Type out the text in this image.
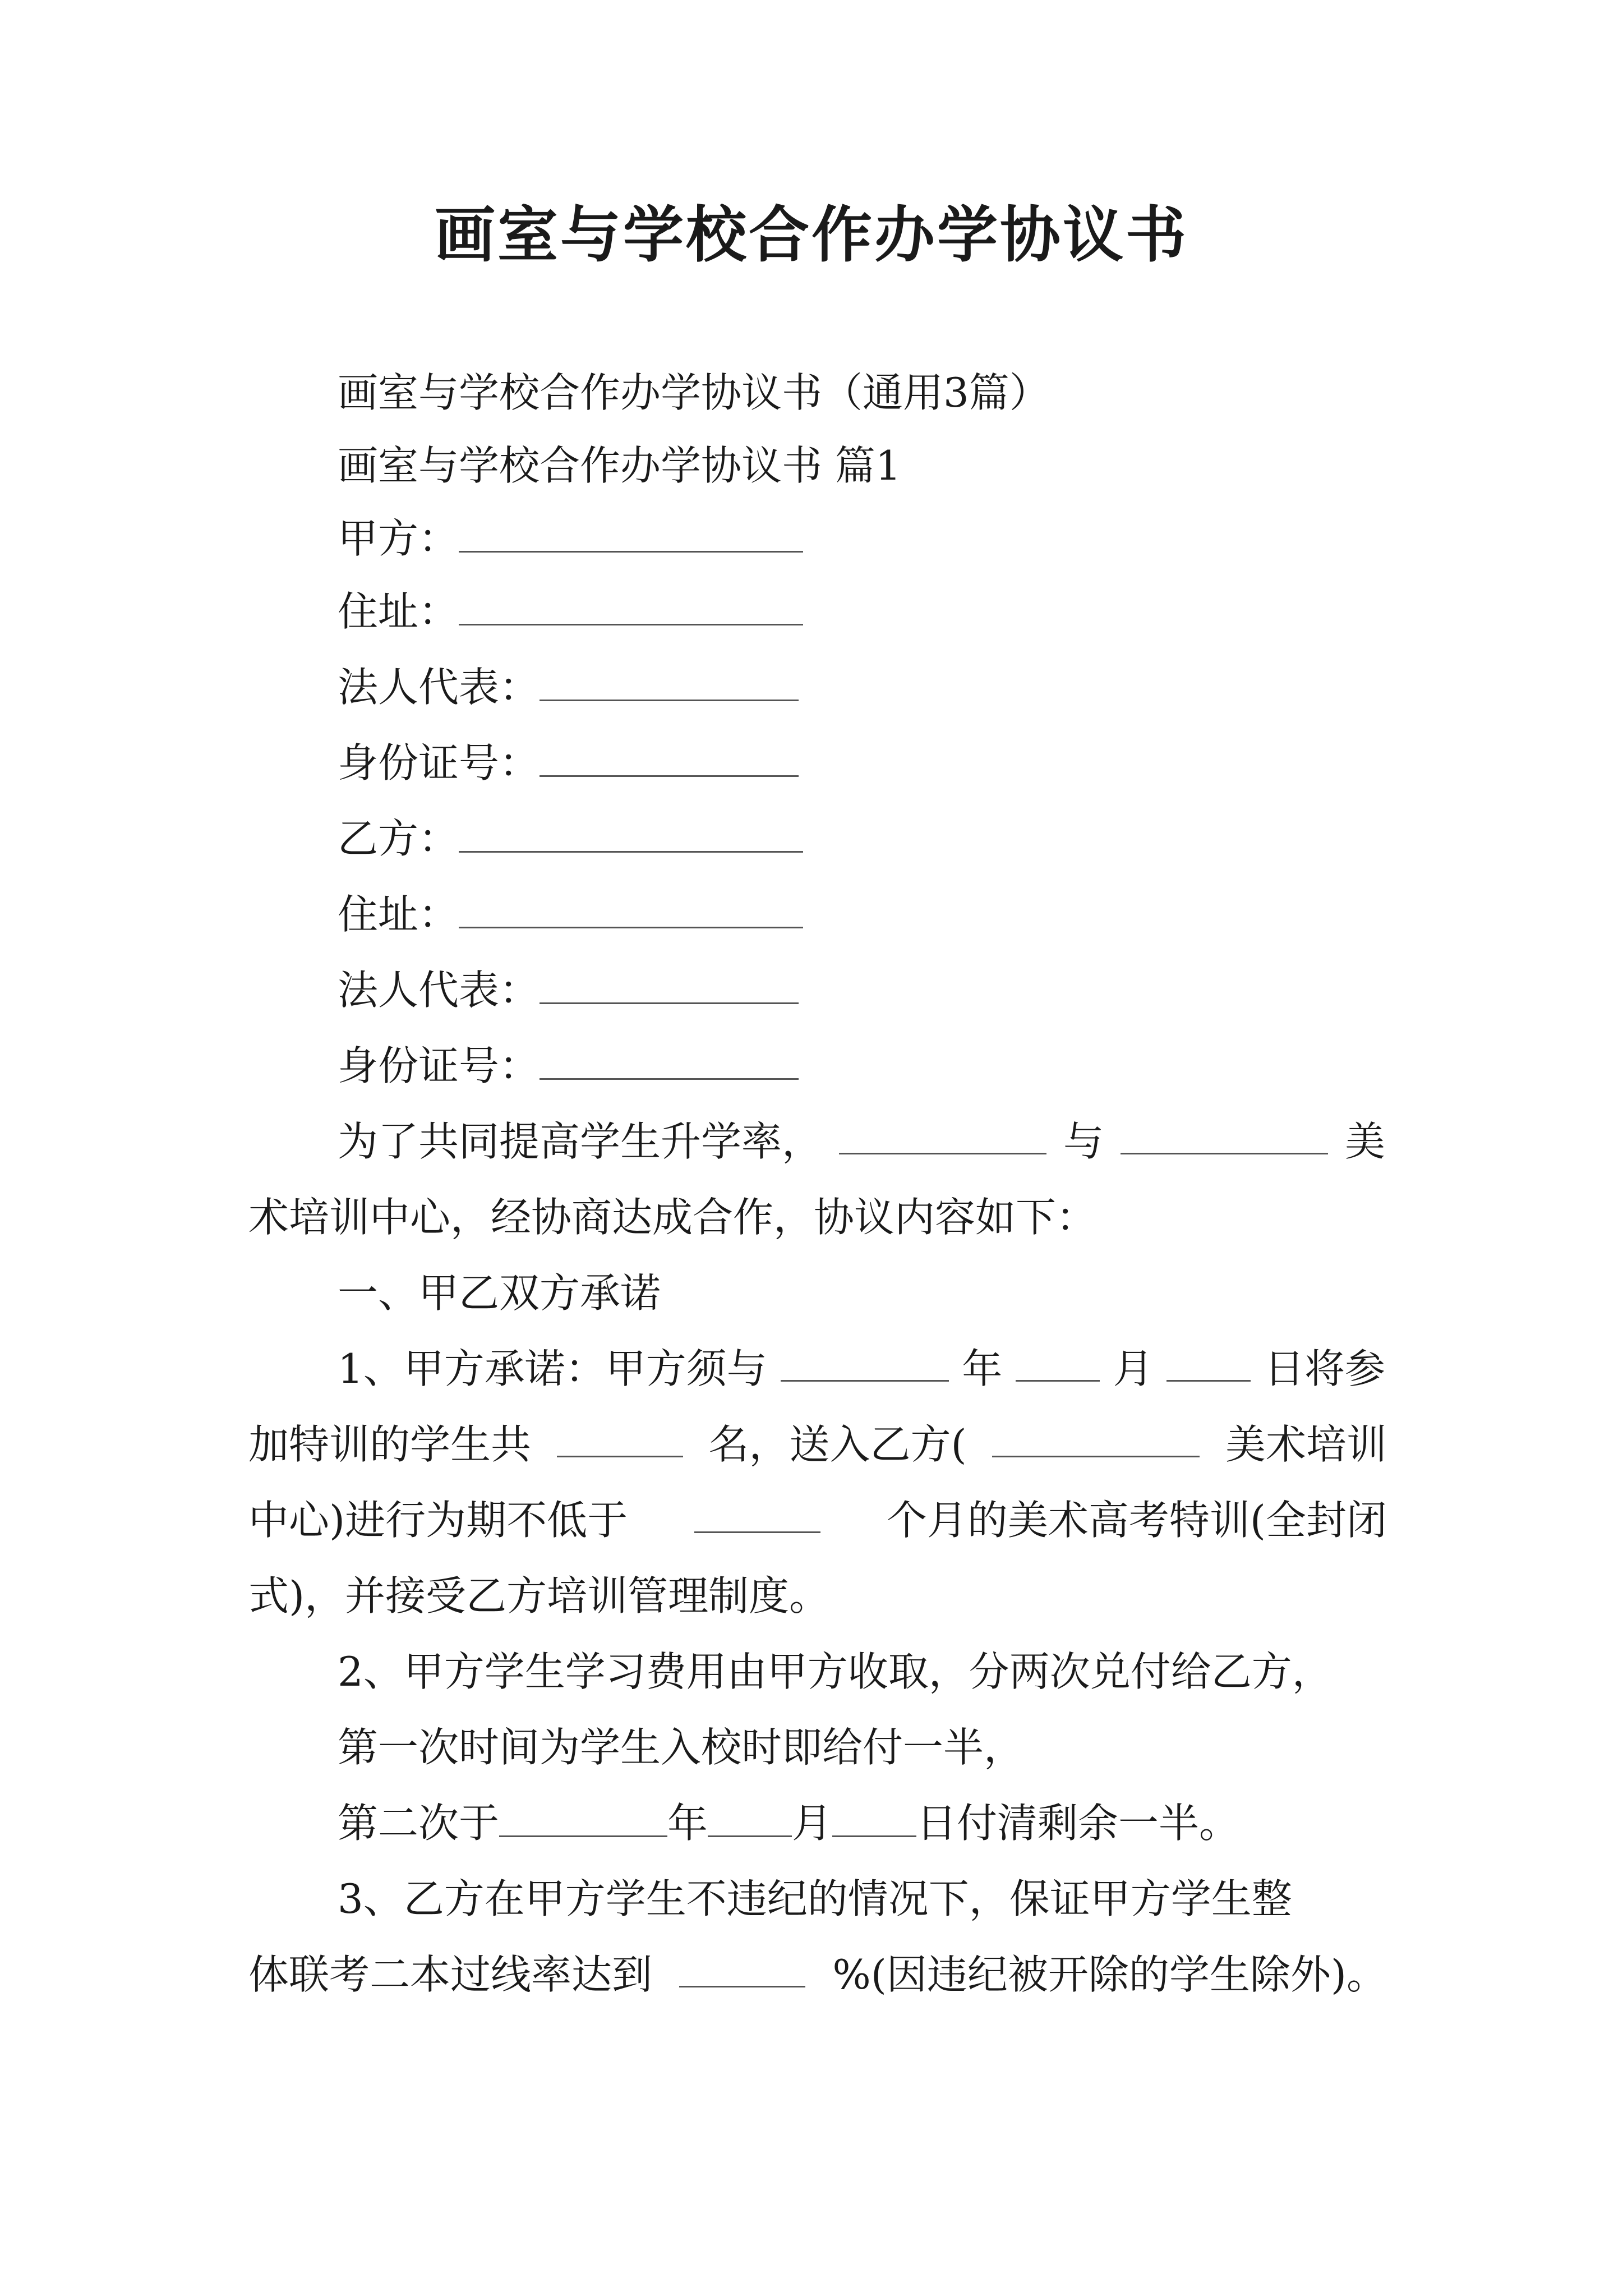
画室与学校合作办学协议书
画室与学校合作办学协议书（通用3篇）
画室与学校合作办学协议书 篇1
甲方：
住址：
法人代表：
身份证号：
乙方：
住址：
法人代表：
身份证号：
为了共同提高学生升学率，	与	美
术培训中心，经协商达成合作，协议内容如下：
一、甲乙双方承诺
1、甲方承诺：甲方须与	年	月	日将参
加特训的学生共	名，送入乙方(	美术培训
中心)进行为期不低于	个月的美术高考特训(全封闭
式)，并接受乙方培训管理制度。
2、甲方学生学习费用由甲方收取，分两次兑付给乙方，
第一次时间为学生入校时即给付一半，
第二次于	年 月 日付清剩余一半。
3、乙方在甲方学生不违纪的情况下，保证甲方学生整
体联考二本过线率达到	%(因违纪被开除的学生除外)。
